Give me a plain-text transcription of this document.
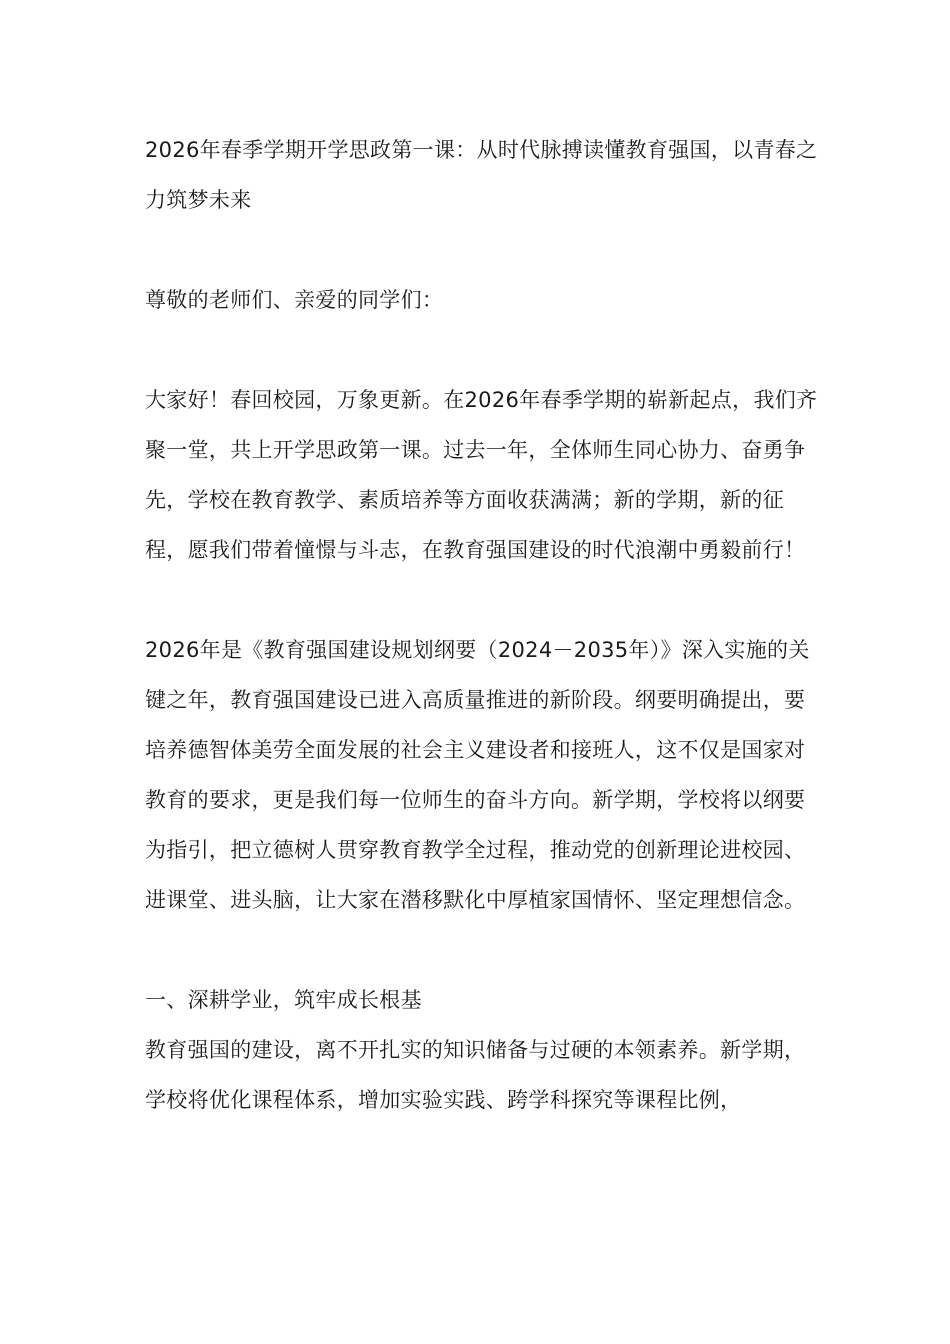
2026年春季学期开学思政第一课：从时代脉搏读懂教育强国，以青春之力筑梦未来

尊敬的老师们、亲爱的同学们：

大家好！春回校园，万象更新。在2026年春季学期的崭新起点，我们齐聚一堂，共上开学思政第一课。过去一年，全体师生同心协力、奋勇争先，学校在教育教学、素质培养等方面收获满满；新的学期，新的征程，愿我们带着憧憬与斗志，在教育强国建设的时代浪潮中勇毅前行！

2026年是《教育强国建设规划纲要（2024－2035年）》深入实施的关键之年，教育强国建设已进入高质量推进的新阶段。纲要明确提出，要培养德智体美劳全面发展的社会主义建设者和接班人，这不仅是国家对教育的要求，更是我们每一位师生的奋斗方向。新学期，学校将以纲要为指引，把立德树人贯穿教育教学全过程，推动党的创新理论进校园、进课堂、进头脑，让大家在潜移默化中厚植家国情怀、坚定理想信念。

一、深耕学业，筑牢成长根基

教育强国的建设，离不开扎实的知识储备与过硬的本领素养。新学期，学校将优化课程体系，增加实验实践、跨学科探究等课程比例，
